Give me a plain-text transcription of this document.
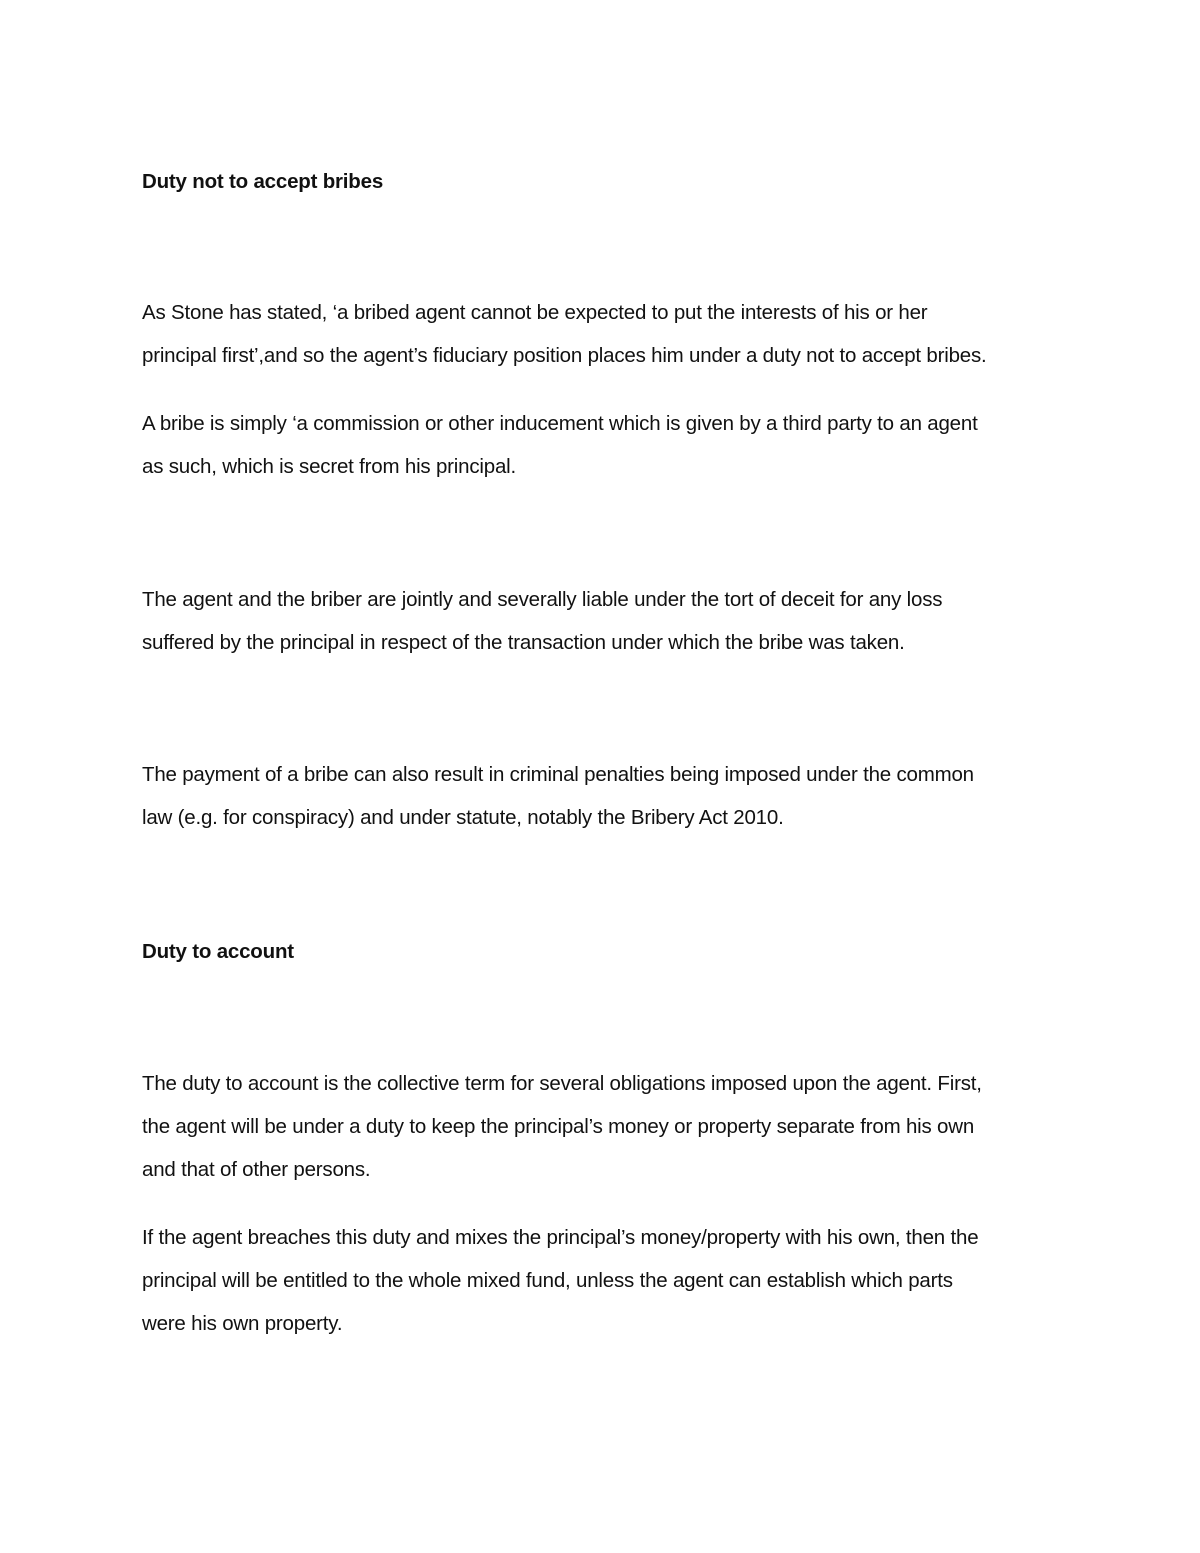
Duty not to accept bribes
As Stone has stated, ‘a bribed agent cannot be expected to put the interests of his or her
principal first’,and so the agent’s fiduciary position places him under a duty not to accept bribes.
A bribe is simply ‘a commission or other inducement which is given by a third party to an agent
as such, which is secret from his principal.
The agent and the briber are jointly and severally liable under the tort of deceit for any loss
suffered by the principal in respect of the transaction under which the bribe was taken.
The payment of a bribe can also result in criminal penalties being imposed under the common
law (e.g. for conspiracy) and under statute, notably the Bribery Act 2010.
Duty to account
The duty to account is the collective term for several obligations imposed upon the agent. First,
the agent will be under a duty to keep the principal’s money or property separate from his own
and that of other persons.
If the agent breaches this duty and mixes the principal’s money/property with his own, then the
principal will be entitled to the whole mixed fund, unless the agent can establish which parts
were his own property.
